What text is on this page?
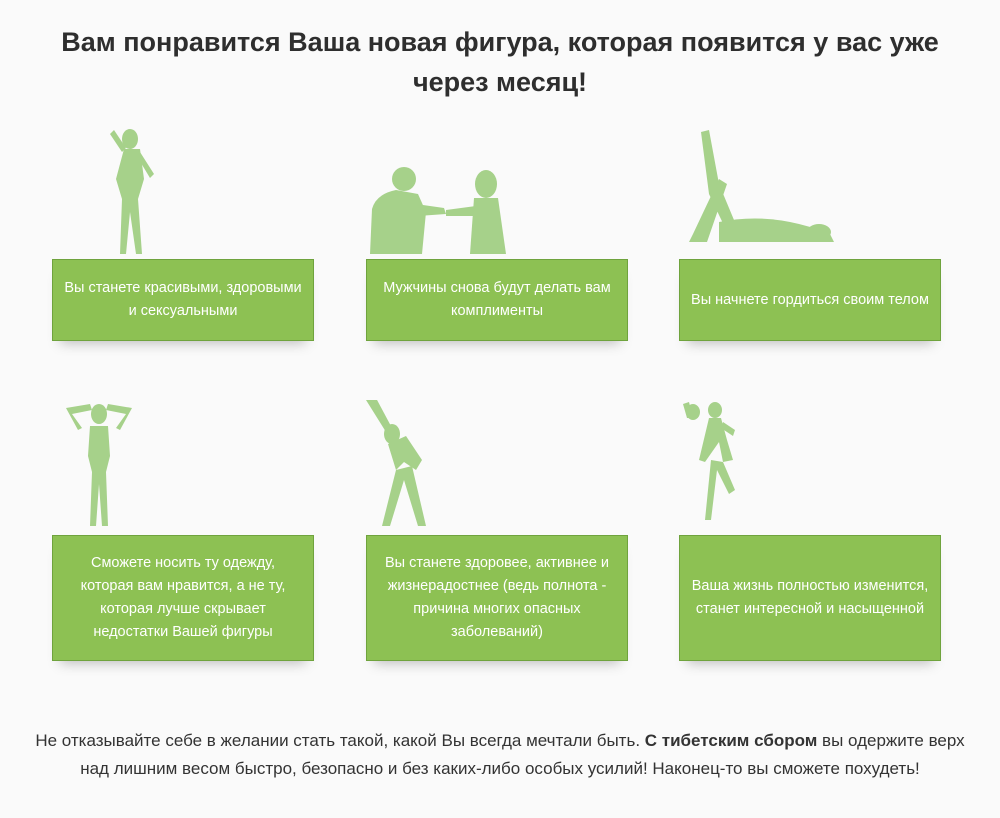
Вам понравится Ваша новая фигура, которая появится у вас уже через месяц!
Вы станете красивыми, здоровыми и сексуальными
Мужчины снова будут делать вам комплименты
Вы начнете гордиться своим телом
Сможете носить ту одежду, которая вам нравится, а не ту, которая лучше скрывает недостатки Вашей фигуры
Вы станете здоровее, активнее и жизнерадостнее (ведь полнота - причина многих опасных заболеваний)
Ваша жизнь полностью изменится, станет интересной и насыщенной
Не отказывайте себе в желании стать такой, какой Вы всегда мечтали быть. С тибетским сбором вы одержите верх над лишним весом быстро, безопасно и без каких-либо особых усилий! Наконец-то вы сможете похудеть!
